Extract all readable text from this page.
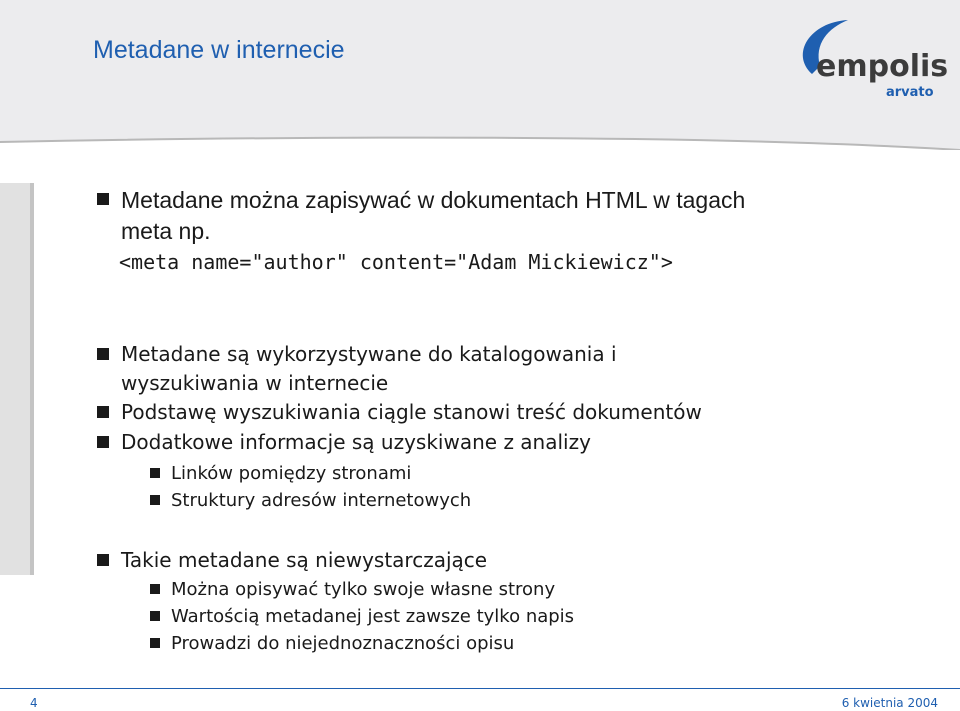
Metadane w internecie	empolis
arvato
Metadane można zapisywać w dokumentach HTML w tagach
meta np.
<meta name="author" content="Adam Mickiewicz">
Metadane są wykorzystywane do katalogowania i
wyszukiwania w internecie
Podstawę wyszukiwania ciągle stanowi treść dokumentów
Dodatkowe informacje są uzyskiwane z analizy
Linków pomiędzy stronami
Struktury adresów internetowych
Takie metadane są niewystarczające
Można opisywać tylko swoje własne strony
Wartością metadanej jest zawsze tylko napis
Prowadzi do niejednoznaczności opisu
4	6 kwietnia 2004
